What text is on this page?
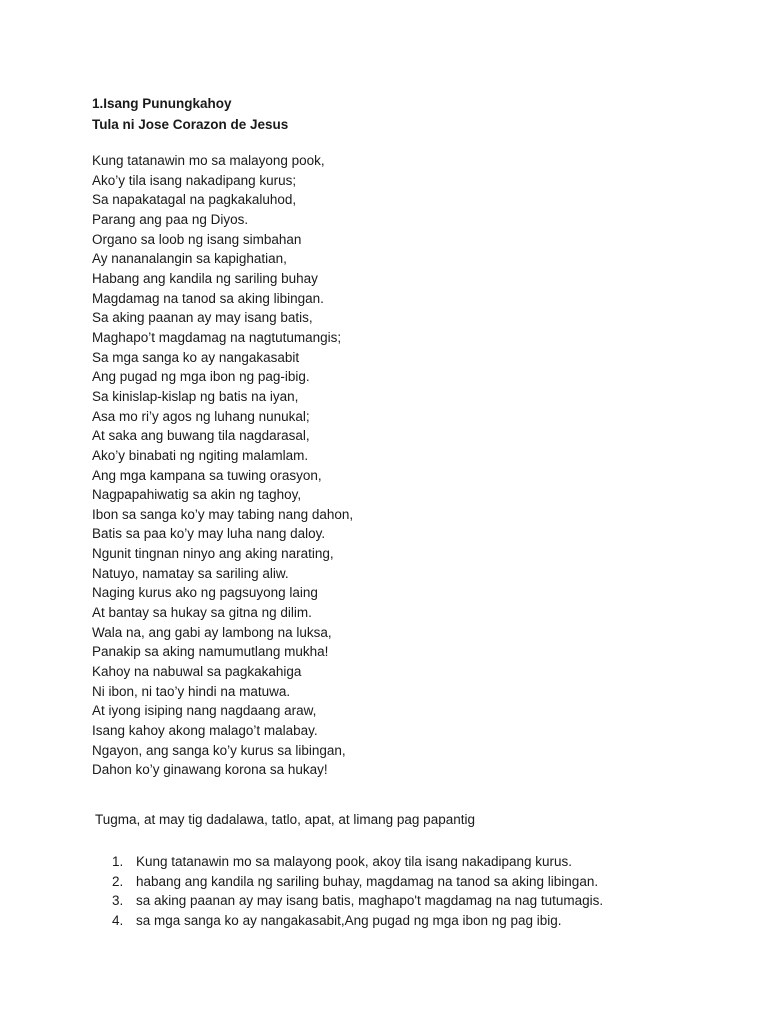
1.Isang Punungkahoy
Tula ni Jose Corazon de Jesus
Kung tatanawin mo sa malayong pook,
Ako’y tila isang nakadipang kurus;
Sa napakatagal na pagkakaluhod,
Parang ang paa ng Diyos.
Organo sa loob ng isang simbahan
Ay nananalangin sa kapighatian,
Habang ang kandila ng sariling buhay
Magdamag na tanod sa aking libingan.
Sa aking paanan ay may isang batis,
Maghapo’t magdamag na nagtutumangis;
Sa mga sanga ko ay nangakasabit
Ang pugad ng mga ibon ng pag-ibig.
Sa kinislap-kislap ng batis na iyan,
Asa mo ri’y agos ng luhang nunukal;
At saka ang buwang tila nagdarasal,
Ako’y binabati ng ngiting malamlam.
Ang mga kampana sa tuwing orasyon,
Nagpapahiwatig sa akin ng taghoy,
Ibon sa sanga ko’y may tabing nang dahon,
Batis sa paa ko’y may luha nang daloy.
Ngunit tingnan ninyo ang aking narating,
Natuyo, namatay sa sariling aliw.
Naging kurus ako ng pagsuyong laing
At bantay sa hukay sa gitna ng dilim.
Wala na, ang gabi ay lambong na luksa,
Panakip sa aking namumutlang mukha!
Kahoy na nabuwal sa pagkakahiga
Ni ibon, ni tao’y hindi na matuwa.
At iyong isiping nang nagdaang araw,
Isang kahoy akong malago’t malabay.
Ngayon, ang sanga ko’y kurus sa libingan,
Dahon ko’y ginawang korona sa hukay!
Tugma, at may tig dadalawa, tatlo, apat, at limang pag papantig
1. Kung tatanawin mo sa malayong pook, akoy tila isang nakadipang kurus.
2. habang ang kandila ng sariling buhay, magdamag na tanod sa aking libingan.
3. sa aking paanan ay may isang batis, maghapo't magdamag na nag tutumagis.
4. sa mga sanga ko ay nangakasabit,Ang pugad ng mga ibon ng pag ibig.
